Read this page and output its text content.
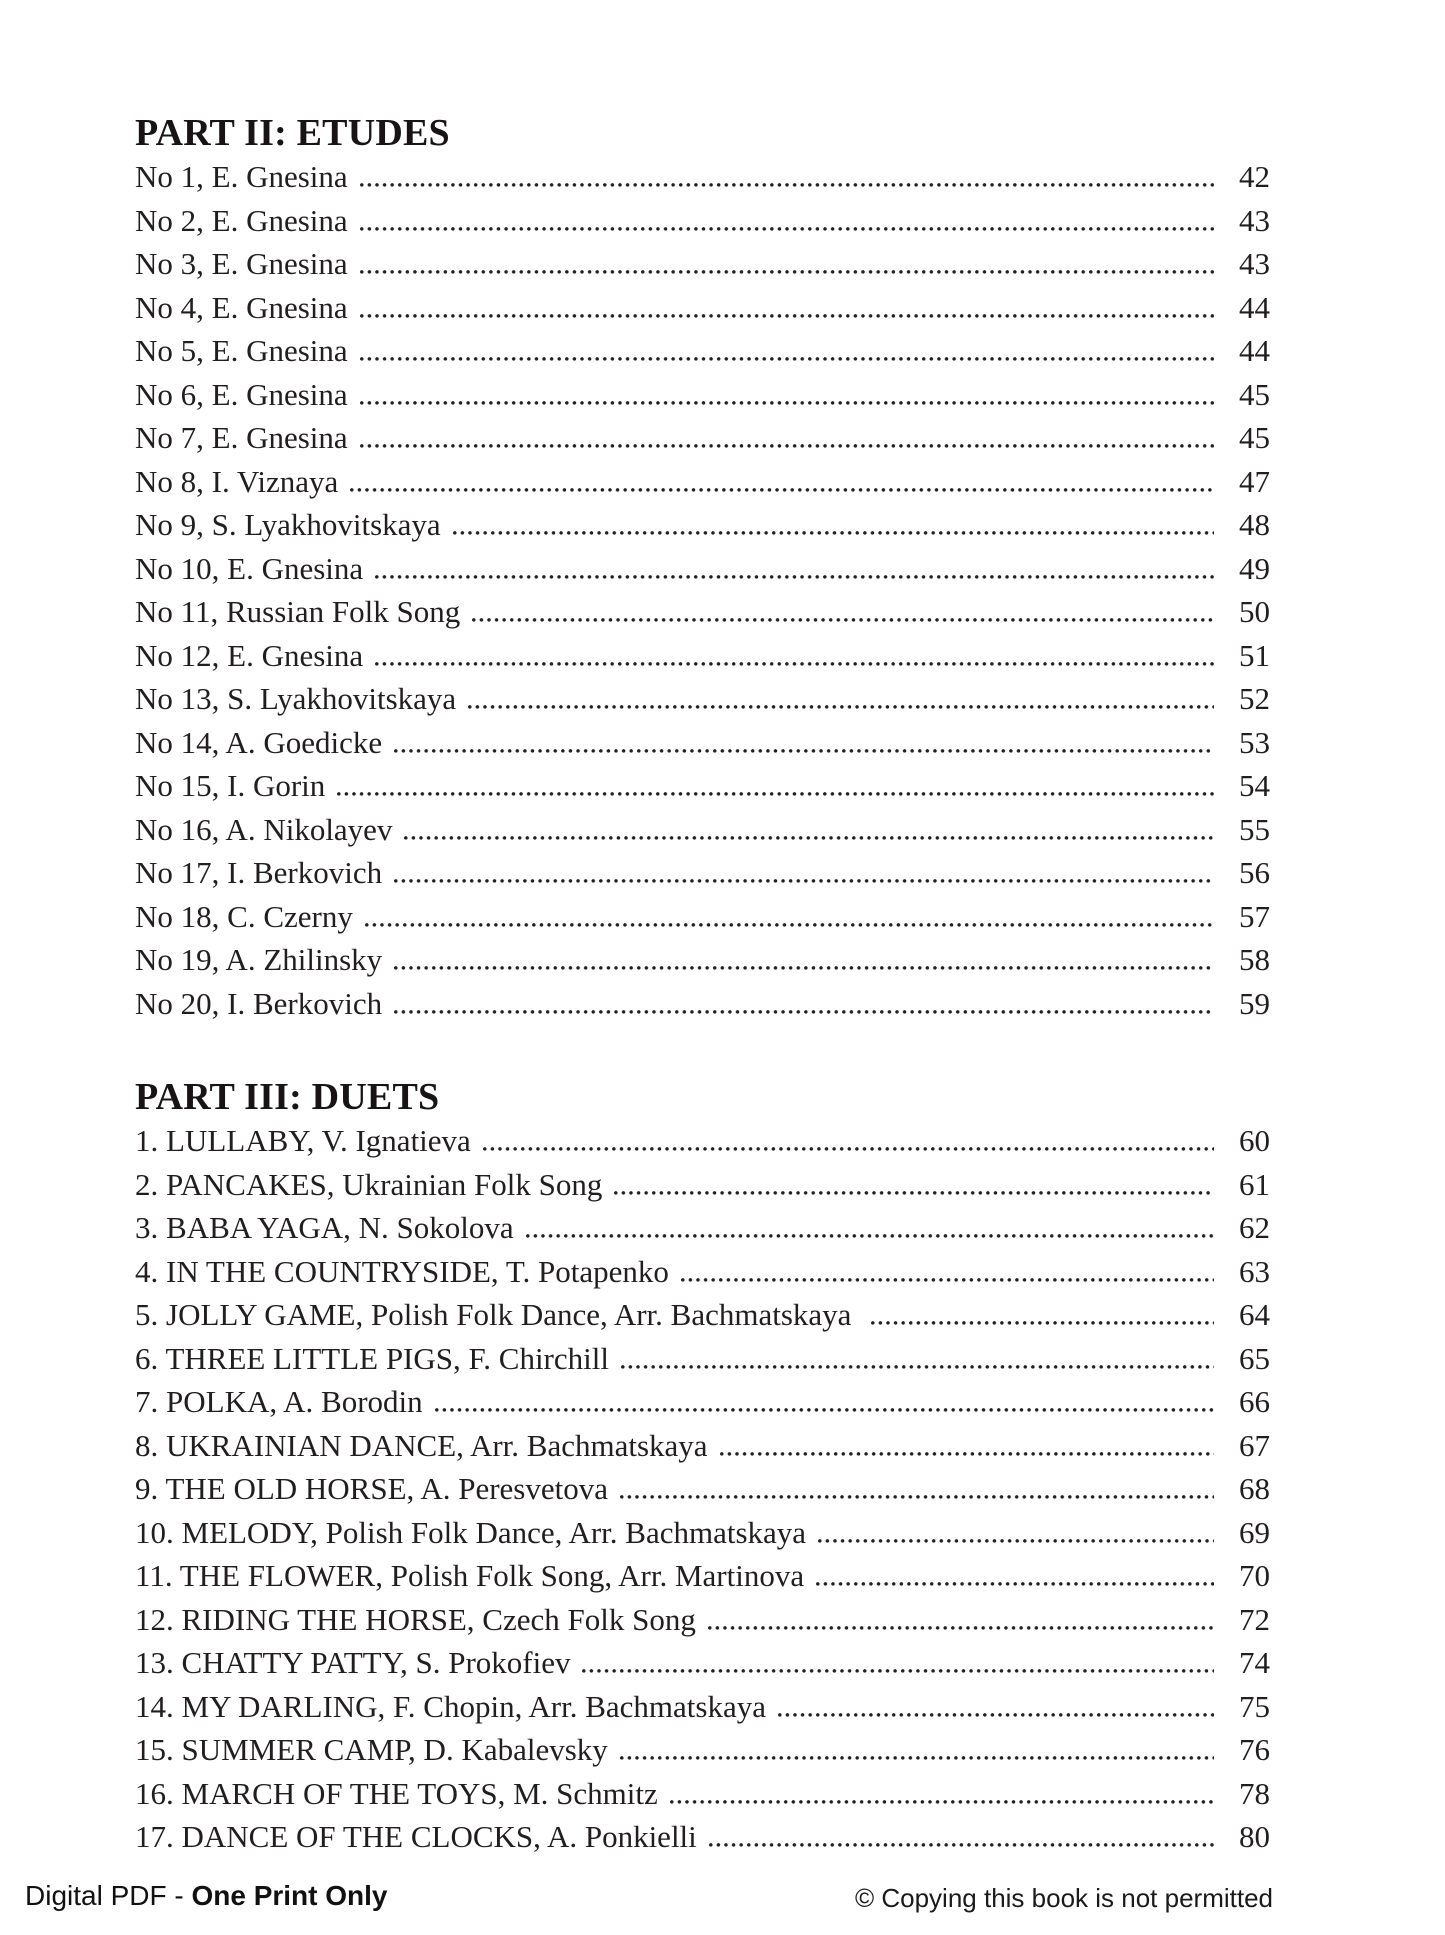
PART II: ETUDES
No 1, E. Gnesina	42
No 2, E. Gnesina	43
No 3, E. Gnesina	43
No 4, E. Gnesina	44
No 5, E. Gnesina	44
No 6, E. Gnesina	45
No 7, E. Gnesina	45
No 8, I. Viznaya	47
No 9, S. Lyakhovitskaya	48
No 10, E. Gnesina	49
No 11, Russian Folk Song	50
No 12, E. Gnesina	51
No 13, S. Lyakhovitskaya	52
No 14, A. Goedicke	53
No 15, I. Gorin	54
No 16, A. Nikolayev	55
No 17, I. Berkovich	56
No 18, C. Czerny	57
No 19, A. Zhilinsky	58
No 20, I. Berkovich	59
PART III: DUETS
1. LULLABY, V. Ignatieva	60
2. PANCAKES, Ukrainian Folk Song	61
3. BABA YAGA, N. Sokolova	62
4. IN THE COUNTRYSIDE, T. Potapenko	63
5. JOLLY GAME, Polish Folk Dance, Arr. Bachmatskaya	64
6. THREE LITTLE PIGS, F. Chirchill	65
7. POLKA, A. Borodin	66
8. UKRAINIAN DANCE, Arr. Bachmatskaya	67
9. THE OLD HORSE, A. Peresvetova	68
10. MELODY, Polish Folk Dance, Arr. Bachmatskaya	69
11. THE FLOWER, Polish Folk Song, Arr. Martinova	70
12. RIDING THE HORSE, Czech Folk Song	72
13. CHATTY PATTY, S. Prokofiev	74
14. MY DARLING, F. Chopin, Arr. Bachmatskaya	75
15. SUMMER CAMP, D. Kabalevsky	76
16. MARCH OF THE TOYS, M. Schmitz	78
17. DANCE OF THE CLOCKS, A. Ponkielli	80
Digital PDF - One Print Only	© Copying this book is not permitted
